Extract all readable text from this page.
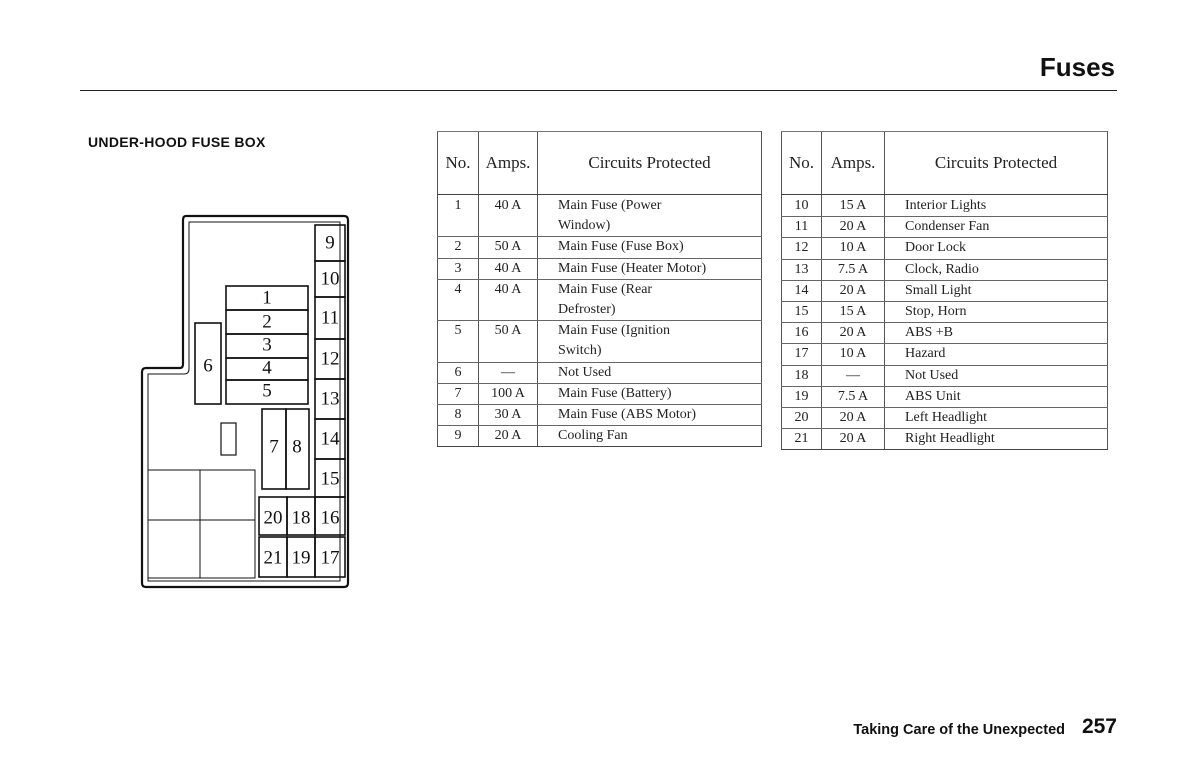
Fuses
UNDER-HOOD FUSE BOX
9
10
11
12
13
14
15
1
2
3
4
5
6
7 8
20 18 16
21 19 17
No.	Amps.	Circuits Protected
1	40 A	Main Fuse (Power
		Window)
2	50 A	Main Fuse (Fuse Box)
3	40 A	Main Fuse (Heater Motor)
4	40 A	Main Fuse (Rear
		Defroster)
5	50 A	Main Fuse (Ignition
		Switch)
6	—	Not Used
7	100 A	Main Fuse (Battery)
8	30 A	Main Fuse (ABS Motor)
9	20 A	Cooling Fan
No.	Amps.	Circuits Protected
10	15 A	Interior Lights
11	20 A	Condenser Fan
12	10 A	Door Lock
13	7.5 A	Clock, Radio
14	20 A	Small Light
15	15 A	Stop, Horn
16	20 A	ABS +B
17	10 A	Hazard
18	—	Not Used
19	7.5 A	ABS Unit
20	20 A	Left Headlight
21	20 A	Right Headlight
Taking Care of the Unexpected 257
